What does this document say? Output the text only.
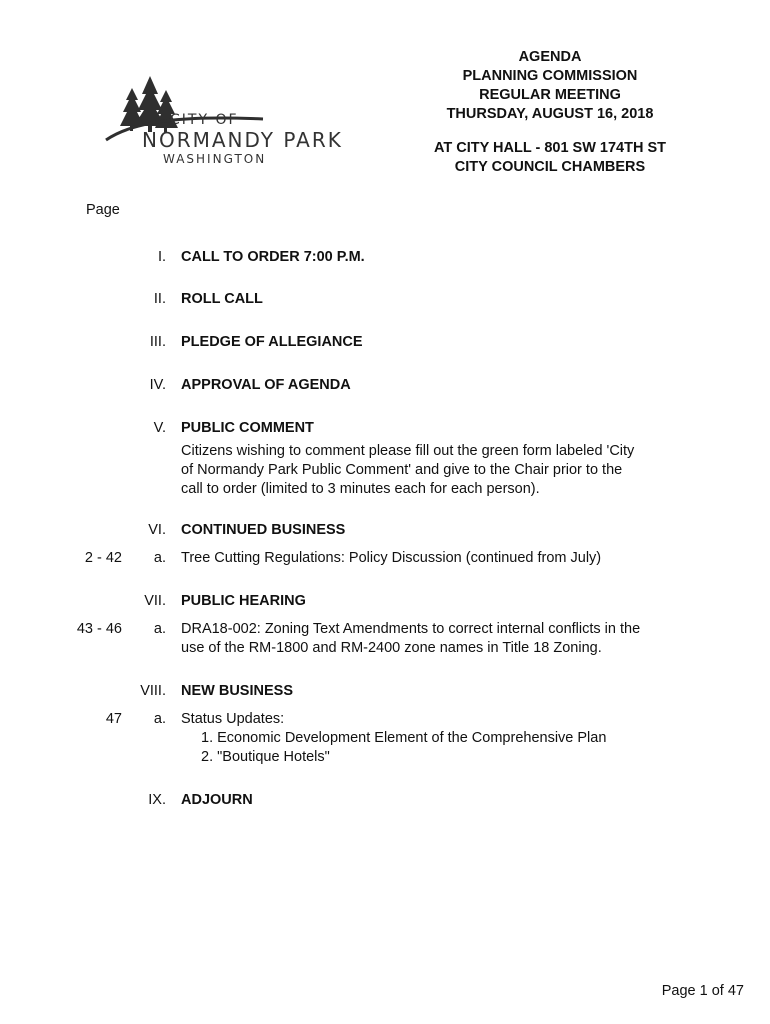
CITY OF
NORMANDY PARK
WASHINGTON
AGENDA
PLANNING COMMISSION
REGULAR MEETING
THURSDAY, AUGUST 16, 2018
AT CITY HALL - 801 SW 174TH ST
CITY COUNCIL CHAMBERS
Page
I. CALL TO ORDER 7:00 P.M.
II. ROLL CALL
III. PLEDGE OF ALLEGIANCE
IV. APPROVAL OF AGENDA
V. PUBLIC COMMENT
Citizens wishing to comment please fill out the green form labeled 'City
of Normandy Park Public Comment' and give to the Chair prior to the
call to order (limited to 3 minutes each for each person).
VI. CONTINUED BUSINESS
2 - 42 a. Tree Cutting Regulations: Policy Discussion (continued from July)
VII. PUBLIC HEARING
43 - 46 a. DRA18-002: Zoning Text Amendments to correct internal conflicts in the
use of the RM-1800 and RM-2400 zone names in Title 18 Zoning.
VIII. NEW BUSINESS
47 a. Status Updates:
1. Economic Development Element of the Comprehensive Plan
2. "Boutique Hotels"
IX. ADJOURN
Page 1 of 47
